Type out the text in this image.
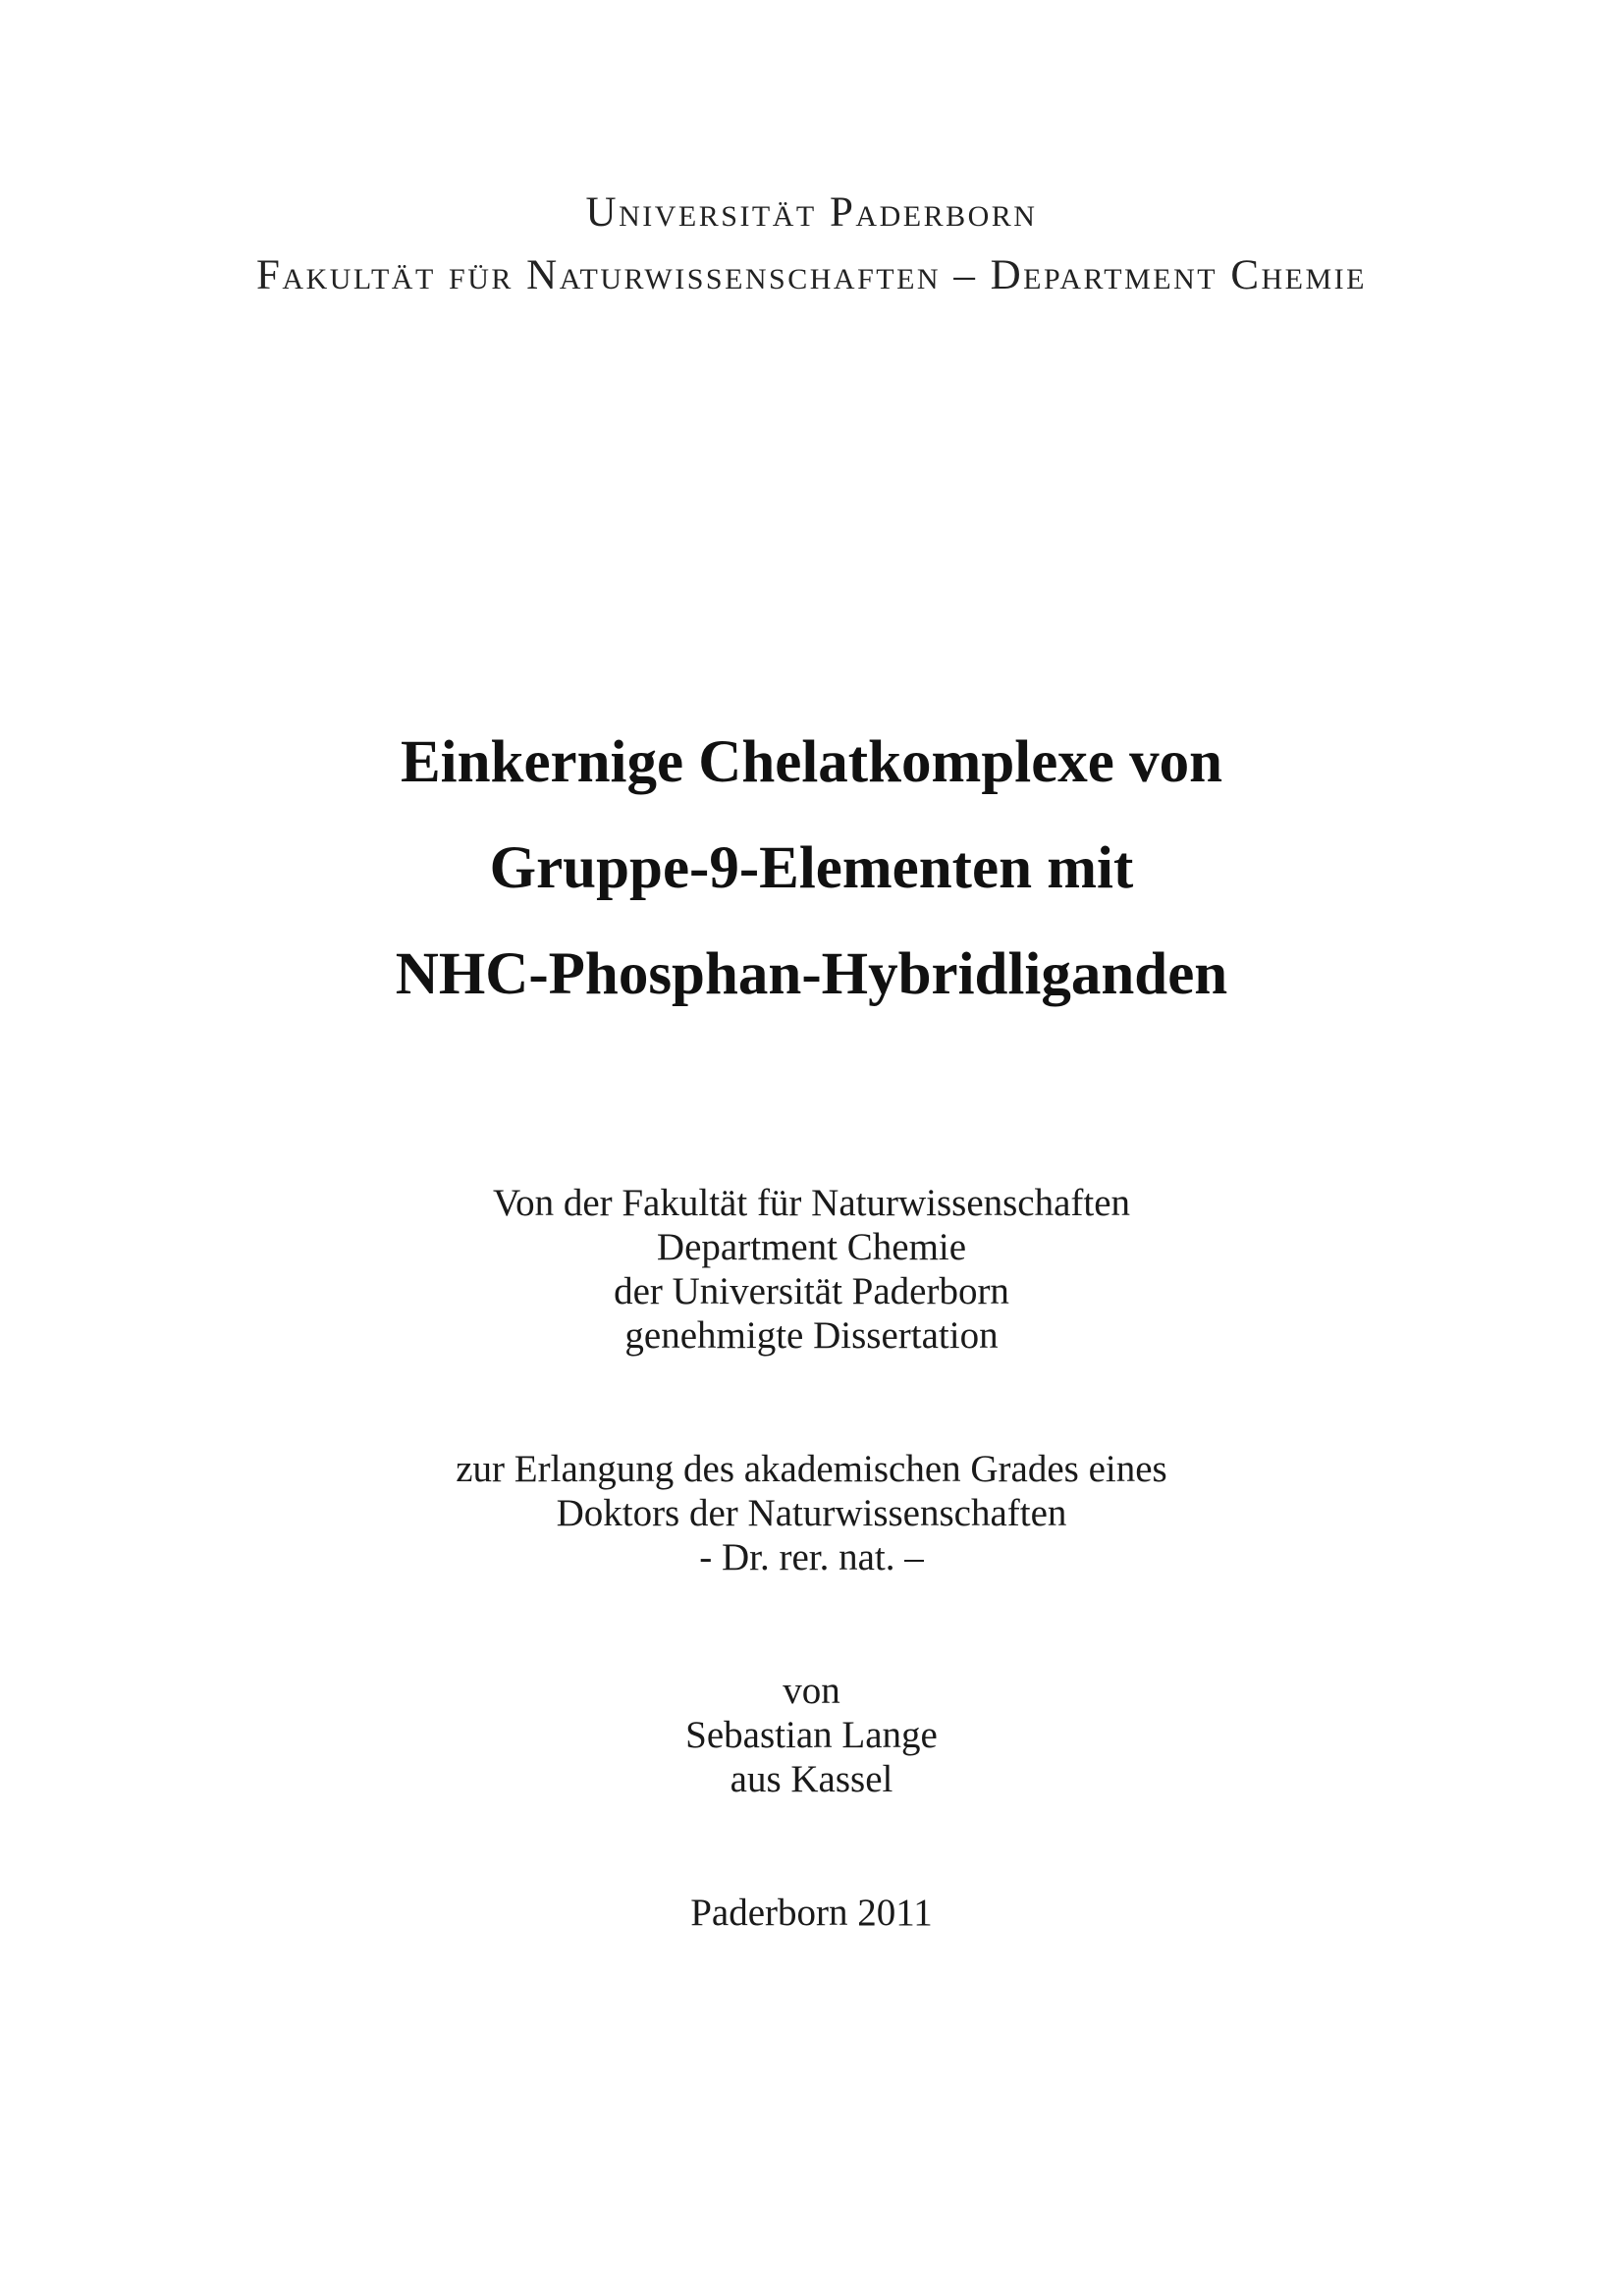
Universität Paderborn
Fakultät für Naturwissenschaften – Department Chemie
Einkernige Chelatkomplexe von
Gruppe-9-Elementen mit
NHC-Phosphan-Hybridliganden
Von der Fakultät für Naturwissenschaften
Department Chemie
der Universität Paderborn
genehmigte Dissertation
zur Erlangung des akademischen Grades eines
Doktors der Naturwissenschaften
- Dr. rer. nat. –
von
Sebastian Lange
aus Kassel
Paderborn 2011
